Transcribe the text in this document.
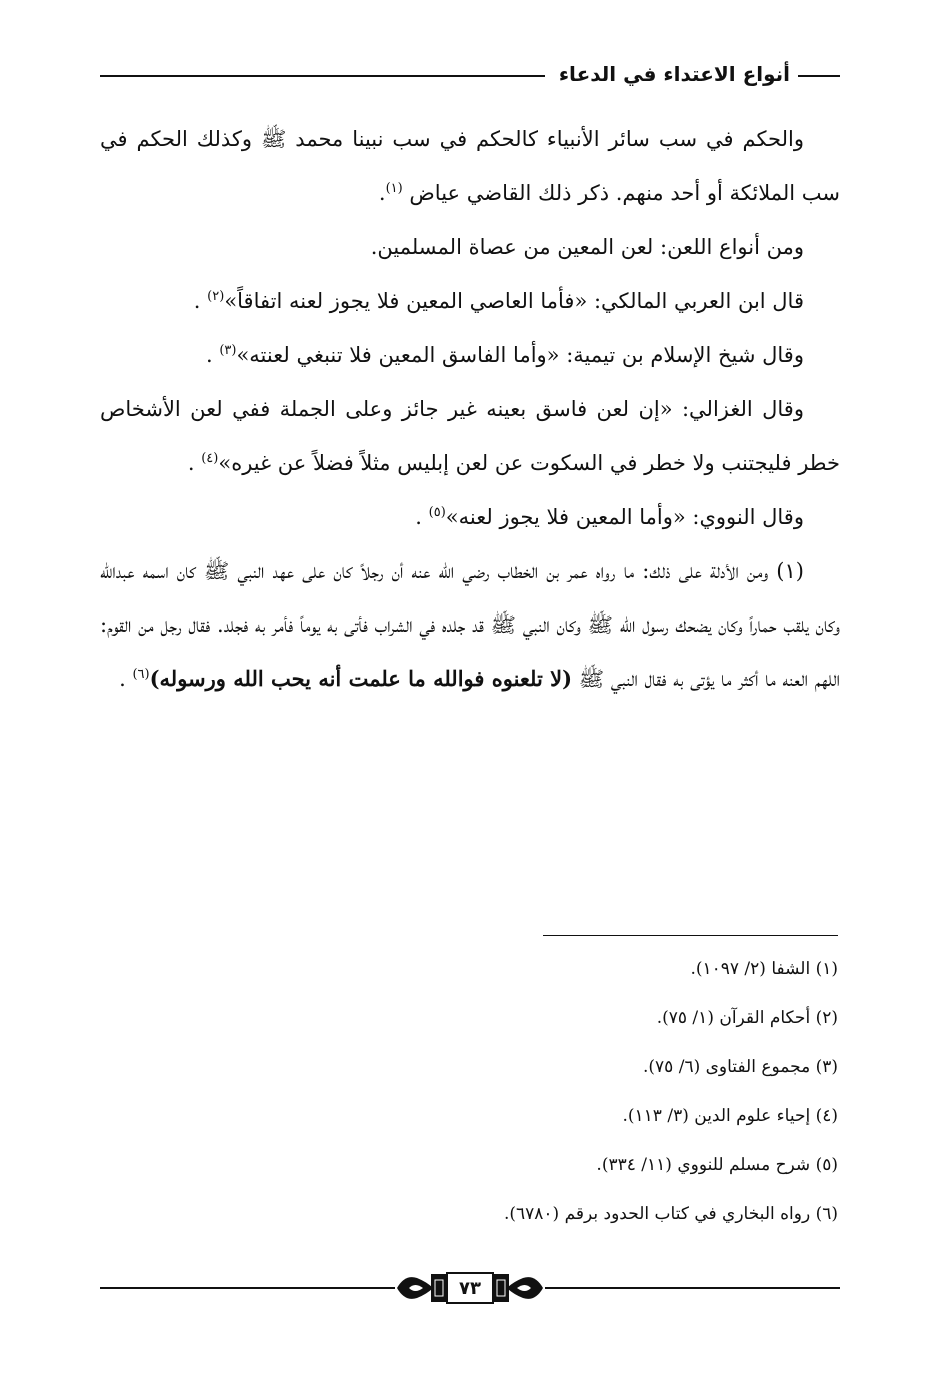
أنواع الاعتداء في الدعاء

والحكم في سب سائر الأنبياء كالحكم في سب نبينا محمد ﷺ وكذلك الحكم في سب الملائكة أو أحد منهم. ذكر ذلك القاضي عياض $^{(١)}$.

ومن أنواع اللعن: لعن المعين من عصاة المسلمين.

قال ابن العربي المالكي: «فأما العاصي المعين فلا يجوز لعنه اتفاقاً»$^{(٢)}$ .

وقال شيخ الإسلام بن تيمية: «وأما الفاسق المعين فلا تنبغي لعنته»$^{(٣)}$ .

وقال الغزالي: «إن لعن فاسق بعينه غير جائز وعلى الجملة ففي لعن الأشخاص خطر فليجتنب ولا خطر في السكوت عن لعن إبليس مثلاً فضلاً عن غيره»$^{(٤)}$ .

وقال النووي: «وأما المعين فلا يجوز لعنه»$^{(٥)}$ .

(١) ومن الأدلة على ذلك: ما رواه عمر بن الخطاب رضي الله عنه أن رجلاً كان على عهد النبي ﷺ كان اسمه عبدالله وكان يلقب حماراً وكان يضحك رسول الله ﷺ وكان النبي ﷺ قد جلده في الشراب فأتى به يوماً فأمر به فجلد. فقال رجل من القوم: اللهم العنه ما أكثر ما يؤتى به فقال النبي ﷺ (لا تلعنوه فوالله ما علمت أنه يحب الله ورسوله)$^{(٦)}$ .

(١) الشفا (٢/ ١٠٩٧).

(٢) أحكام القرآن (١/ ٧٥).

(٣) مجموع الفتاوى (٦/ ٧٥).

(٤) إحياء علوم الدين (٣/ ١١٣).

(٥) شرح مسلم للنووي (١١/ ٣٣٤).

(٦) رواه البخاري في كتاب الحدود برقم (٦٧٨٠).

٧٣
